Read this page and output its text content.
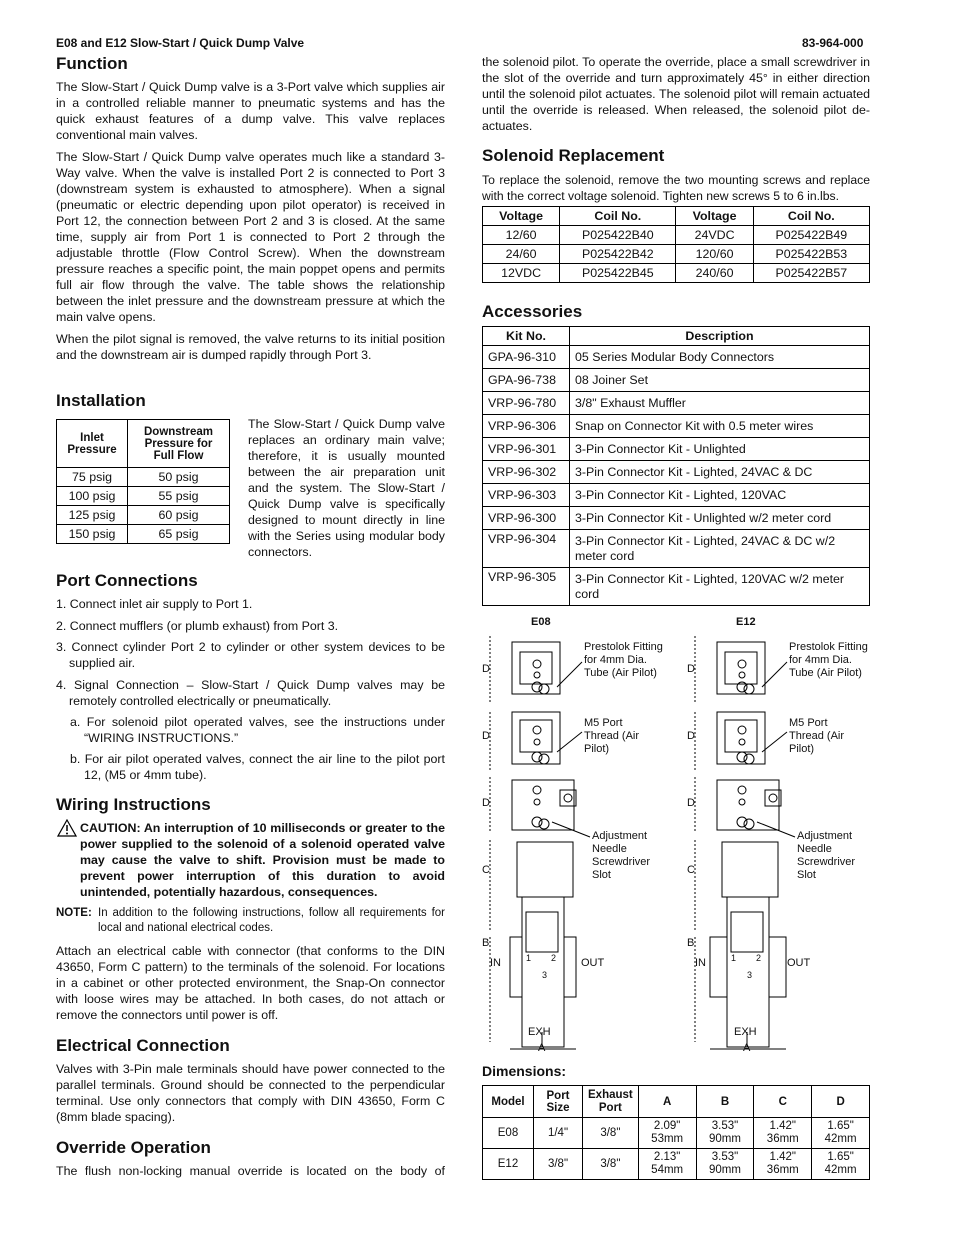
E08 and E12 Slow-Start / Quick Dump Valve	83-964-000
Function

The Slow-Start / Quick Dump valve is a 3-Port valve which supplies air in a controlled reliable manner to pneumatic systems and has the quick exhaust features of a dump valve. This valve replaces conventional main valves.

The Slow-Start / Quick Dump valve operates much like a standard 3-Way valve. When the valve is installed Port 2 is connected to Port 3 (downstream system is exhausted to atmosphere). When a signal (pneumatic or electric depending upon pilot operator) is received in Port 12, the connection between Port 2 and 3 is closed. At the same time, supply air from Port 1 is connected to Port 2 through the adjustable throttle (Flow Control Screw). When the downstream pressure reaches a specific point, the main poppet opens and permits full air flow through the valve. The table shows the relationship between the inlet pressure and the downstream pressure at which the main valve opens.

When the pilot signal is removed, the valve returns to its initial position and the downstream air is dumped rapidly through Port 3.

Installation
Inlet Pressure	Downstream Pressure for Full Flow
75 psig	50 psig
100 psig	55 psig
125 psig	60 psig
150 psig	65 psig

The Slow-Start / Quick Dump valve replaces an ordinary main valve; therefore, it is usually mounted between the air preparation unit and the system. The Slow-Start / Quick Dump valve is specifically designed to mount directly in line with the Series using modular body connectors.

Port Connections
1. Connect inlet air supply to Port 1.
2. Connect mufflers (or plumb exhaust) from Port 3.
3. Connect cylinder Port 2 to cylinder or other system devices to be supplied air.
4. Signal Connection – Slow-Start / Quick Dump valves may be remotely controlled electrically or pneumatically.
a. For solenoid pilot operated valves, see the instructions under “WIRING INSTRUCTIONS.”
b. For air pilot operated valves, connect the air line to the pilot port 12, (M5 or 4mm tube).
Wiring Instructions

CAUTION: An interruption of 10 milliseconds or greater to the power supplied to the solenoid of a solenoid operated valve may cause the valve to shift. Provision must be made to prevent power interruption of this duration to avoid unintended, potentially hazardous, consequences.

NOTE: In addition to the following instructions, follow all requirements for local and national electrical codes.

Attach an electrical cable with connector (that conforms to the DIN 43650, Form C pattern) to the terminals of the solenoid. For locations in a cabinet or other protected environment, the Snap-On connector with loose wires may be attached. In both cases, do not attach or remove the connectors until power is off.

Electrical Connection

Valves with 3-Pin male terminals should have power connected to the parallel terminals. Ground should be connected to the perpendicular terminal. Use only connectors that comply with DIN 43650, Form C (8mm blade spacing).

Override Operation

The flush non-locking manual override is located on the body of

the solenoid pilot. To operate the override, place a small screwdriver in the slot of the override and turn approximately 45° in either direction until the solenoid pilot actuates. The solenoid pilot will remain actuated until the override is released. When released, the solenoid pilot de-actuates.

Solenoid Replacement

To replace the solenoid, remove the two mounting screws and replace with the correct voltage solenoid. Tighten new screws 5 to 6 in.lbs.

Voltage	Coil No.	Voltage	Coil No.
12/60	P025422B40	24VDC	P025422B49
24/60	P025422B42	120/60	P025422B53
12VDC	P025422B45	240/60	P025422B57
Accessories
Kit No.	Description
GPA-96-310	05 Series Modular Body Connectors
GPA-96-738	08 Joiner Set
VRP-96-780	3/8" Exhaust Muffler
VRP-96-306	Snap on Connector Kit with 0.5 meter wires
VRP-96-301	3-Pin Connector Kit - Unlighted
VRP-96-302	3-Pin Connector Kit - Lighted, 24VAC & DC
VRP-96-303	3-Pin Connector Kit - Lighted, 120VAC
VRP-96-300	3-Pin Connector Kit - Unlighted w/2 meter cord
VRP-96-304	3-Pin Connector Kit - Lighted, 24VAC & DC w/2 meter cord
VRP-96-305	3-Pin Connector Kit - Lighted, 120VAC w/2 meter cord
E08	E12
Prestolok Fitting for 4mm Dia. Tube (Air Pilot)
Prestolok Fitting for 4mm Dia. Tube (Air Pilot)
M5 Port Thread (Air Pilot)
M5 Port Thread (Air Pilot)
Adjustment Needle Screwdriver Slot
Adjustment Needle Screwdriver Slot
D
D
D
C
B
D
D
D
C
B
IN	OUT	IN	OUT
1 2
3
1 2
3
EXH	EXH
A	A
Dimensions:
Model	Port Size	Exhaust Port	A	B	C	D
E08	1/4"	3/8"	2.09" 53mm	3.53" 90mm	1.42" 36mm	1.65" 42mm
E12	3/8"	3/8"	2.13" 54mm	3.53" 90mm	1.42" 36mm	1.65" 42mm
